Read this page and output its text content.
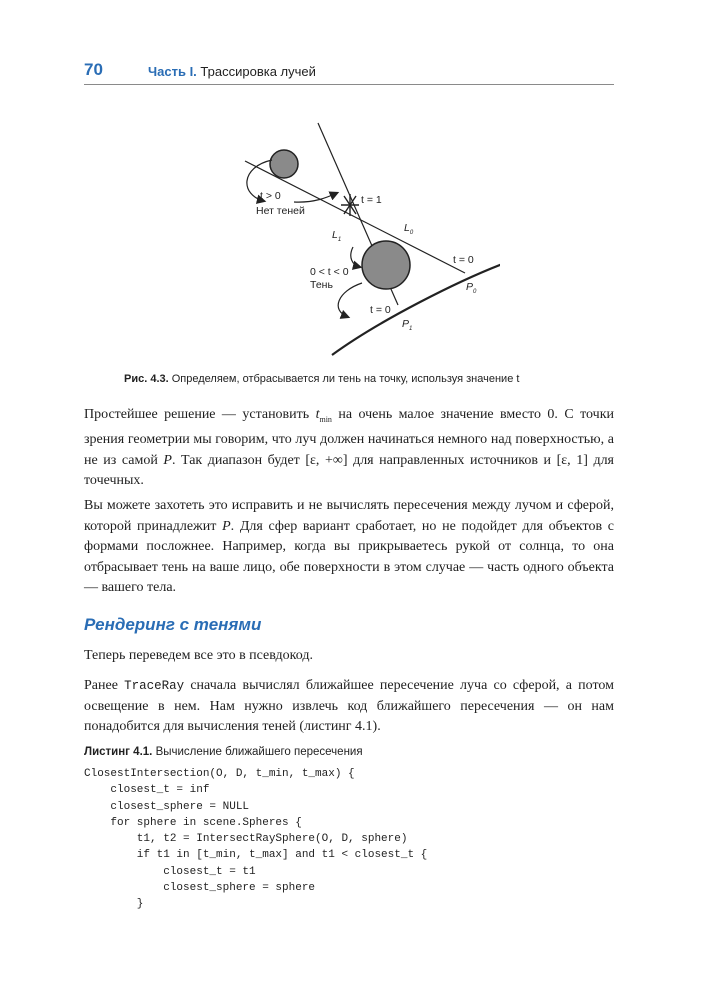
70	Часть I. Трассировка лучей
t > 0
Нет теней
t = 1
$L_1$
$L_0$
0 < t < 0
Тень
t = 0
$P_0$
t = 0
$P_1$
Рис. 4.3. Определяем, отбрасывается ли тень на точку, используя значение t
Простейшее решение — установить $t_{min}$ на очень малое значение вместо 0. С точки зрения геометрии мы говорим, что луч должен начинаться немного над поверхностью, а не из самой P. Так диапазон будет [ε, +∞] для направленных источников и [ε, 1] для точечных.
Вы можете захотеть это исправить и не вычислять пересечения между лучом и сферой, которой принадлежит P. Для сфер вариант сработает, но не подойдет для объектов с формами посложнее. Например, когда вы прикрываетесь рукой от солнца, то она отбрасывает тень на ваше лицо, обе поверхности в этом случае — часть одного объекта — вашего тела.
Рендеринг с тенями
Теперь переведем все это в псевдокод.
Ранее TraceRay сначала вычислял ближайшее пересечение луча со сферой, а потом освещение в нем. Нам нужно извлечь код ближайшего пересечения — он нам понадобится для вычисления теней (листинг 4.1).
Листинг 4.1. Вычисление ближайшего пересечения
ClosestIntersection(O, D, t_min, t_max) {
closest_t = inf
closest_sphere = NULL
for sphere in scene.Spheres {
t1, t2 = IntersectRaySphere(O, D, sphere)
if t1 in [t_min, t_max] and t1 < closest_t {
closest_t = t1
closest_sphere = sphere
}
